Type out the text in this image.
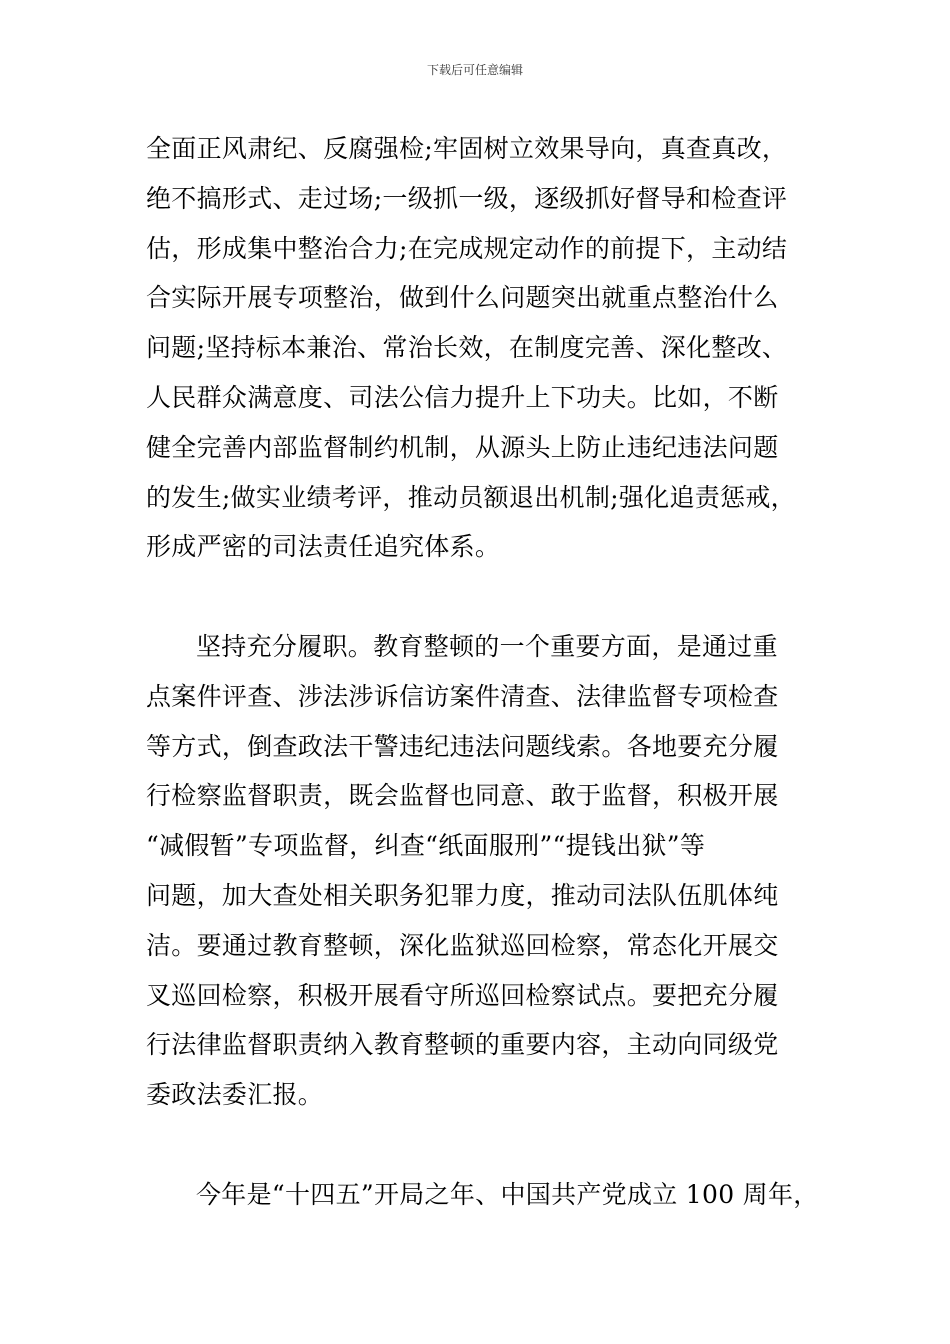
下载后可任意编辑
全面正风肃纪、反腐强检;牢固树立效果导向，真查真改，
绝不搞形式、走过场;一级抓一级，逐级抓好督导和检查评
估，形成集中整治合力;在完成规定动作的前提下，主动结
合实际开展专项整治，做到什么问题突出就重点整治什么
问题;坚持标本兼治、常治长效，在制度完善、深化整改、
人民群众满意度、司法公信力提升上下功夫。比如，不断
健全完善内部监督制约机制，从源头上防止违纪违法问题
的发生;做实业绩考评，推动员额退出机制;强化追责惩戒，
形成严密的司法责任追究体系。
坚持充分履职。教育整顿的一个重要方面，是通过重
点案件评查、涉法涉诉信访案件清查、法律监督专项检查
等方式，倒查政法干警违纪违法问题线索。各地要充分履
行检察监督职责，既会监督也同意、敢于监督，积极开展
“减假暂”专项监督，纠查“纸面服刑”“提钱出狱”等
问题，加大查处相关职务犯罪力度，推动司法队伍肌体纯
洁。要通过教育整顿，深化监狱巡回检察，常态化开展交
叉巡回检察，积极开展看守所巡回检察试点。要把充分履
行法律监督职责纳入教育整顿的重要内容，主动向同级党
委政法委汇报。
今年是“十四五”开局之年、中国共产党成立 100 周年，
